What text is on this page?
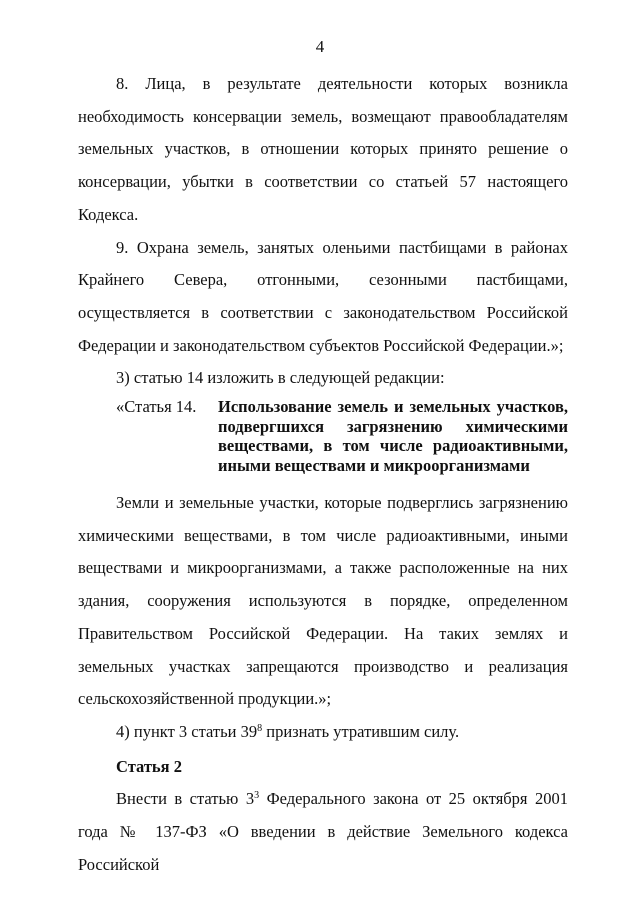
4

8. Лица, в результате деятельности которых возникла необходимость консервации земель, возмещают правообладателям земельных участков, в отношении которых принято решение о консервации, убытки в соответствии со статьей 57 настоящего Кодекса.

9. Охрана земель, занятых оленьими пастбищами в районах Крайнего Севера, отгонными, сезонными пастбищами, осуществляется в соответствии с законодательством Российской Федерации и законодательством субъектов Российской Федерации.»;

3) статью 14 изложить в следующей редакции:

«Статья 14.	Использование земель и земельных участков, подвергшихся загрязнению химическими веществами, в том числе радиоактивными, иными веществами и микроорганизмами

Земли и земельные участки, которые подверглись загрязнению химическими веществами, в том числе радиоактивными, иными веществами и микроорганизмами, а также расположенные на них здания, сооружения используются в порядке, определенном Правительством Российской Федерации. На таких землях и земельных участках запрещаются производство и реализация сельскохозяйственной продукции.»;

4) пункт 3 статьи $39^8$ признать утратившим силу.

Статья 2

Внести в статью $3^3$ Федерального закона от 25 октября 2001 года № 137-ФЗ «О введении в действие Земельного кодекса Российской
